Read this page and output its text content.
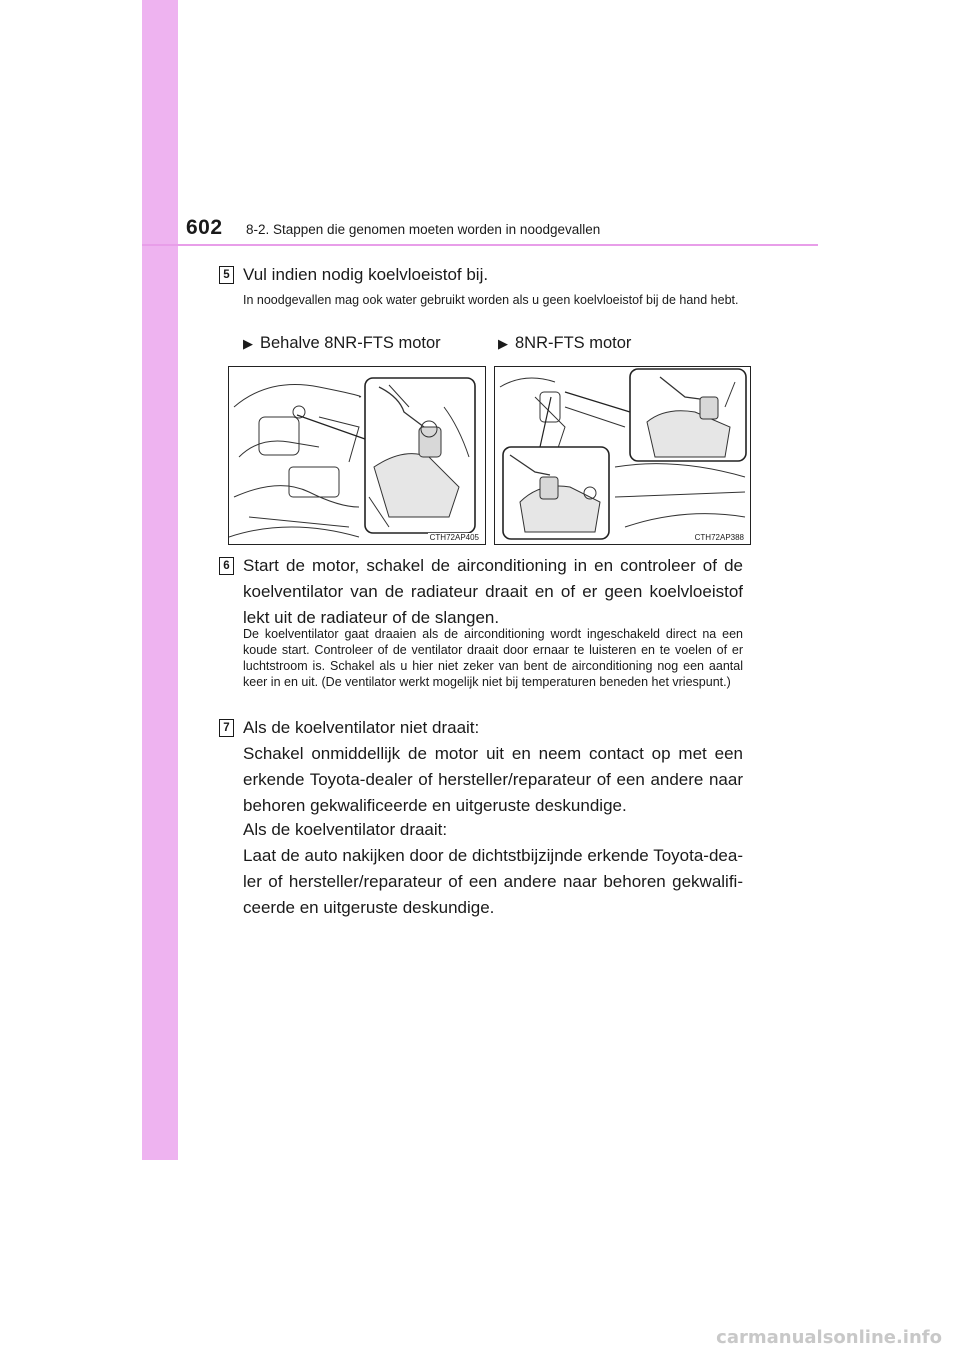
602 8-2. Stappen die genomen moeten worden in noodgevallen
5 Vul indien nodig koelvloeistof bij.
In noodgevallen mag ook water gebruikt worden als u geen koelvloeistof bij de hand hebt.
▶ Behalve 8NR-FTS motor	▶ 8NR-FTS motor
CTH72AP405	CTH72AP388
6 Start de motor, schakel de airconditioning in en controleer of de koelventilator van de radiateur draait en of er geen koelvloeistof lekt uit de radiateur of de slangen.
De koelventilator gaat draaien als de airconditioning wordt ingeschakeld direct na een koude start. Controleer of de ventilator draait door ernaar te luisteren en te voelen of er luchtstroom is. Schakel als u hier niet zeker van bent de airconditioning nog een aantal keer in en uit. (De ventilator werkt mogelijk niet bij temperaturen beneden het vriespunt.)
7 Als de koelventilator niet draait:
Schakel onmiddellijk de motor uit en neem contact op met een erkende Toyota-dealer of hersteller/reparateur of een andere naar behoren gekwalificeerde en uitgeruste deskundige.
Als de koelventilator draait:
Laat de auto nakijken door de dichtstbijzijnde erkende Toyota-dea-ler of hersteller/reparateur of een andere naar behoren gekwalifi-ceerde en uitgeruste deskundige.
carmanualsonline.info
